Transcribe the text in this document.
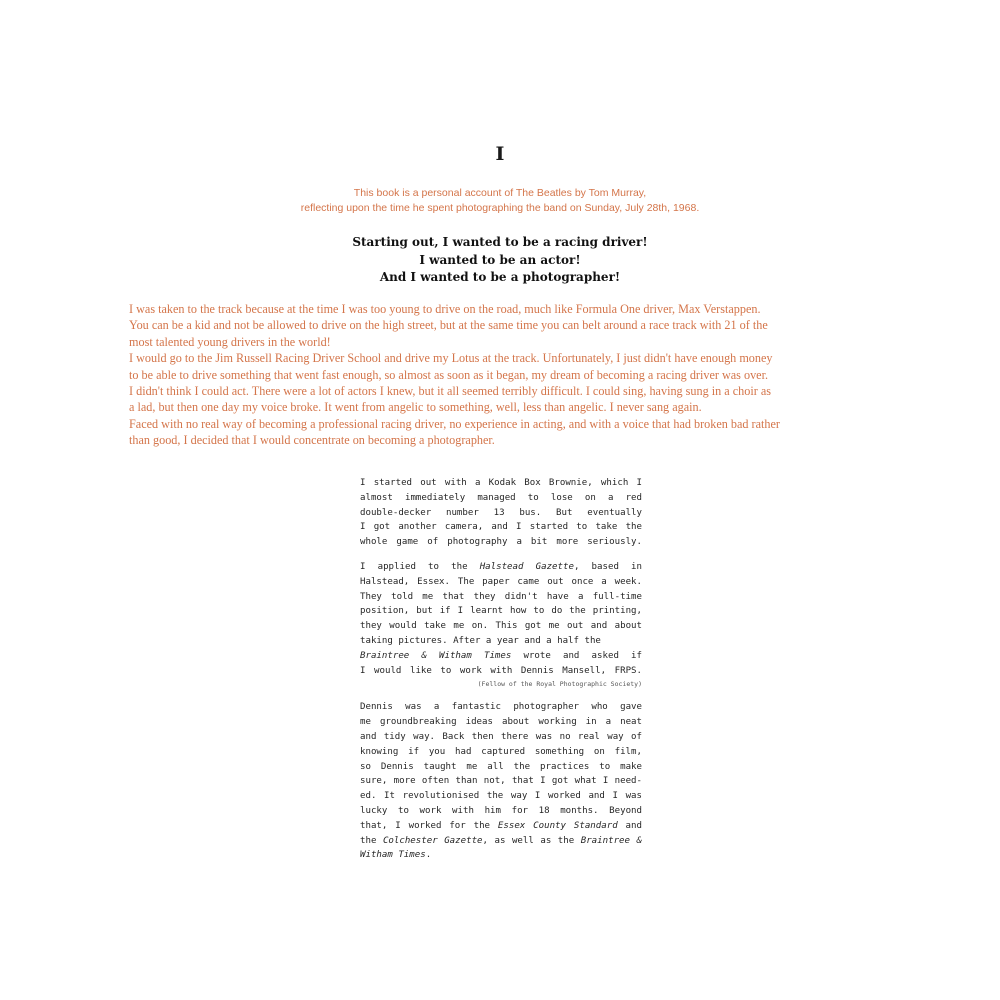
I
This book is a personal account of The Beatles by Tom Murray,
reflecting upon the time he spent photographing the band on Sunday, July 28th, 1968.
Starting out, I wanted to be a racing driver!
I wanted to be an actor!
And I wanted to be a photographer!
I was taken to the track because at the time I was too young to drive on the road, much like Formula One driver, Max Verstappen.
You can be a kid and not be allowed to drive on the high street, but at the same time you can belt around a race track with 21 of the
most talented young drivers in the world!
I would go to the Jim Russell Racing Driver School and drive my Lotus at the track. Unfortunately, I just didn't have enough money
to be able to drive something that went fast enough, so almost as soon as it began, my dream of becoming a racing driver was over.
I didn't think I could act. There were a lot of actors I knew, but it all seemed terribly difficult. I could sing, having sung in a choir as
a lad, but then one day my voice broke. It went from angelic to something, well, less than angelic. I never sang again.
Faced with no real way of becoming a professional racing driver, no experience in acting, and with a voice that had broken bad rather
than good, I decided that I would concentrate on becoming a photographer.

I started out with a Kodak Box Brownie, which I
almost immediately managed to lose on a red
double-decker number 13 bus. But eventually
I got another camera, and I started to take the
whole game of photography a bit more seriously.

I applied to the Halstead Gazette, based in
Halstead, Essex. The paper came out once a week.
They told me that they didn't have a full-time
position, but if I learnt how to do the printing,
they would take me on. This got me out and about
taking pictures. After a year and a half the
Braintree & Witham Times wrote and asked if
I would like to work with Dennis Mansell, FRPS.
(Fellow of the Royal Photographic Society)

Dennis was a fantastic photographer who gave
me groundbreaking ideas about working in a neat
and tidy way. Back then there was no real way of
knowing if you had captured something on film,
so Dennis taught me all the practices to make
sure, more often than not, that I got what I need-
ed. It revolutionised the way I worked and I was
lucky to work with him for 18 months. Beyond
that, I worked for the Essex County Standard and
the Colchester Gazette, as well as the Braintree &
Witham Times.
